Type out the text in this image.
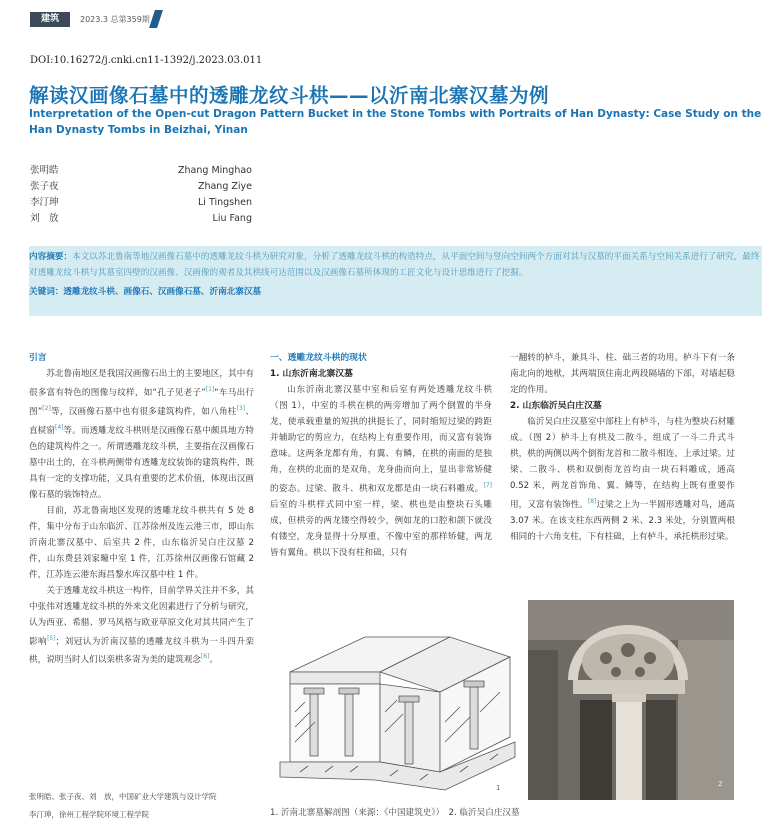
建筑	2023.3 总第359期
DOI:10.16272/j.cnki.cn11-1392/j.2023.03.011
解读汉画像石墓中的透雕龙纹斗栱——以沂南北寨汉墓为例
Interpretation of the Open-cut Dragon Pattern Bucket in the Stone Tombs with Portraits of Han Dynasty: Case Study on the Han Dynasty Tombs in Beizhai, Yinan
张明皓	Zhang Minghao
张子夜	Zhang Ziye
李汀珅	Li Tingshen
刘　放	Liu Fang
内容摘要：本文以苏北鲁南等地汉画像石墓中的透雕龙纹斗栱为研究对象，分析了透雕龙纹斗栱的构造特点，从平面空间与竖向空间两个方面对其与汉墓的平面关系与空间关系进行了研究，最终对透雕龙纹斗栱与其墓室四壁的汉画像、汉画像的观者及其栱线可达范围以及汉画像石墓所体现的工匠文化与设计思维进行了挖掘。
关键词：透雕龙纹斗栱、画像石、汉画像石墓、沂南北寨汉墓
引言

苏北鲁南地区是我国汉画像石出土的主要地区，其中有很多富有特色的图像与纹样，如“孔子见老子”[1]“车马出行图”[2]等，汉画像石墓中也有很多建筑构件，如八角柱[3]、直棂窗[4]等。而透雕龙纹斗栱则是汉画像石墓中颇具地方特色的建筑构件之一。所谓透雕龙纹斗栱，主要指在汉画像石墓中出土的，在斗栱两侧带有透雕龙纹装饰的建筑构件，既具有一定的支撑功能，又具有重要的艺术价值，体现出汉画像石墓的装饰特点。

目前，苏北鲁南地区发现的透雕龙纹斗栱共有 5 处 8 件，集中分布于山东临沂、江苏徐州及连云港三市，即山东沂南北寨汉墓中、后室共 2 件，山东临沂吴白庄汉墓 2 件，山东费县刘家疃中室 1 件，江苏徐州汉画像石馆藏 2 件，江苏连云港东海昌黎水库汉墓中柱 1 件。

关于透雕龙纹斗栱这一构件，目前学界关注并不多，其中张伟对透雕龙纹斗栱的外来文化因素进行了分析与研究，认为西亚、希腊、罗马风格与欧亚草原文化对其共同产生了影响[5]；刘冠认为沂南汉墓的透雕龙纹斗栱为一斗四升栾栱，说明当时人们以栾栱多寄为美的建筑观念[6]。

一、透雕龙纹斗栱的现状
1. 山东沂南北寨汉墓

山东沂南北寨汉墓中室和后室有两处透雕龙纹斗栱（图 1），中室的斗栱在栱的两旁增加了两个倒置的半身龙，使承载重量的短拱的拱挺长了，同时缩短过梁的跨距并辅助它的剪应力，在结构上有重要作用，而又富有装饰意味。这两条龙都有角，有翼、有鳞，在栱的南面的是独角，在栱的北面的是双角，龙身曲而向上，显出非常矫健的姿态。过梁、散斗、栱和双龙都是由一块石料雕成。[7]后室的斗栱样式同中室一样，梁、栱也是由整块石头雕成，但栱旁的两龙镂空得较少，例如龙的口腔和颌下就没有镂空，龙身显得十分厚重，不像中室的那样矫健，两龙皆有翼角。栱以下没有柱和础，只有

一翻转的栌斗，兼具斗、柱、础三者的功用。栌斗下有一条南北向的地栿，其两端顶住南北两段隔墙的下部，对墙起稳定的作用。

2. 山东临沂吴白庄汉墓

临沂吴白庄汉墓室中部柱上有栌斗，与柱为整块石材雕成。（图 2）栌斗上有栱及二散斗，组成了一斗二升式斗栱，栱的两侧以两个倒衔龙首和二散斗相连，上承过梁。过梁、二散斗、栱和双倒衔龙首均由一块石料雕成，通高 0.52 米，两龙首饰角、翼、鳞等，在结构上既有重要作用，又富有装饰性。[8]过梁之上为一半圆形透雕对鸟，通高 3.07 米。在该支柱东西两侧 2 米、2.3 米处，分别置两根相同的十六角支柱，下有柱础，上有栌斗，承托栱形过梁。

1	2
1. 沂南北寨墓解剖图（来源：《中国建筑史》）　2. 临沂吴白庄汉墓
张明皓、张子夜、刘　放，中国矿业大学建筑与设计学院
李汀珅，徐州工程学院环境工程学院
